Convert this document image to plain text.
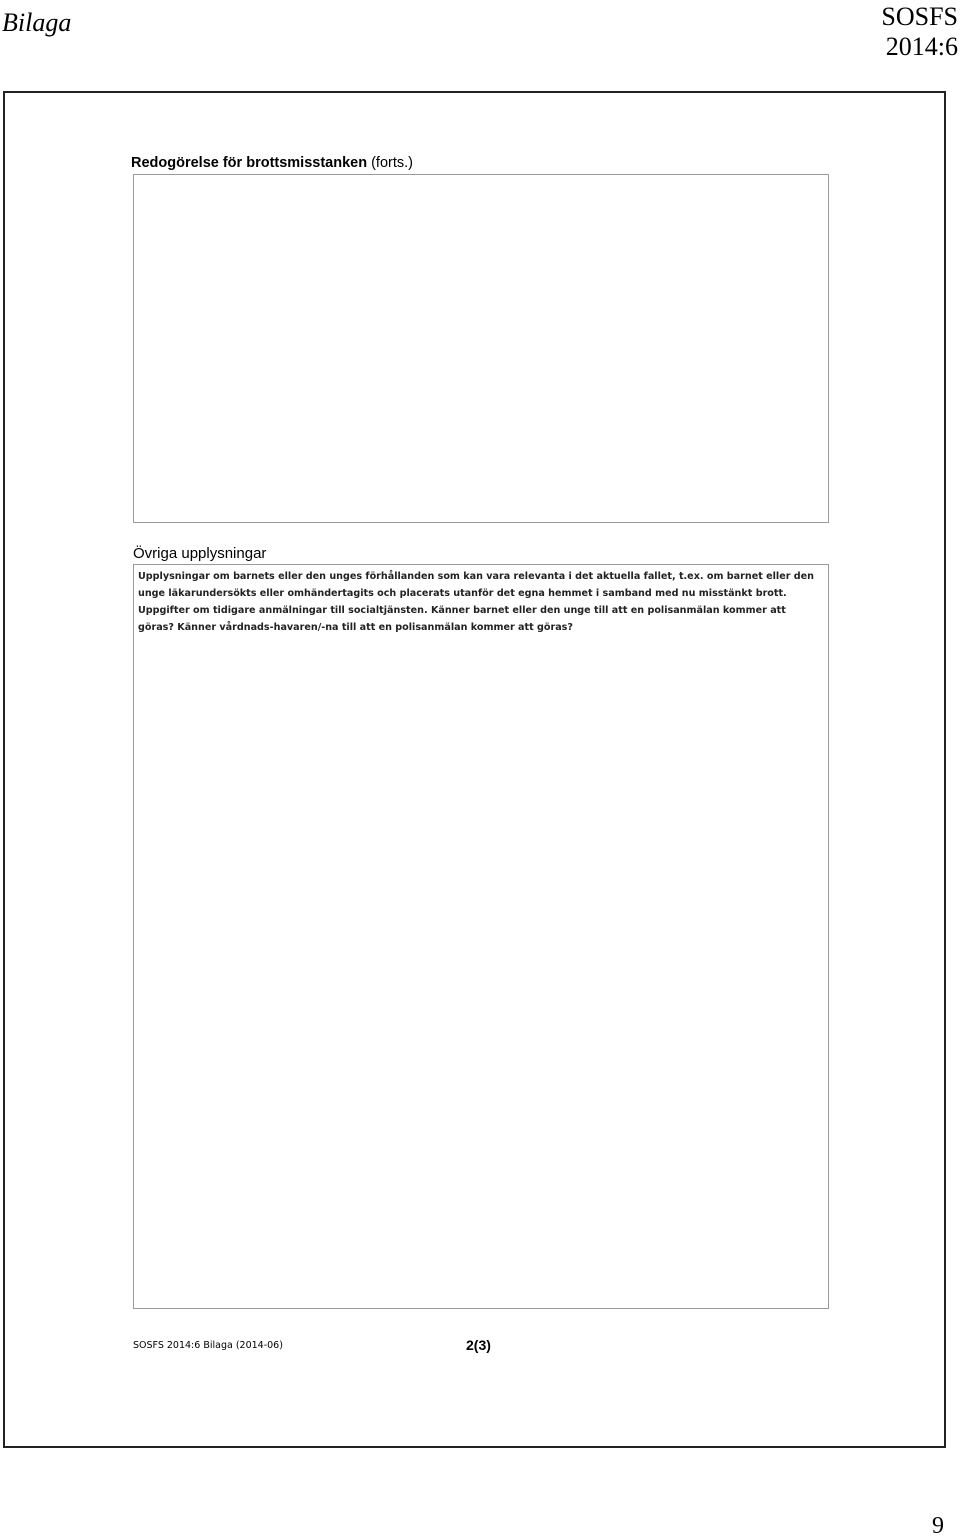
Bilaga	SOSFS
2014:6
Redogörelse för brottsmisstanken (forts.)
Övriga upplysningar
Upplysningar om barnets eller den unges förhållanden som kan vara relevanta i det aktuella fallet, t.ex. om barnet eller den unge läkarundersökts eller omhändertagits och placerats utanför det egna hemmet i samband med nu misstänkt brott. Uppgifter om tidigare anmälningar till socialtjänsten. Känner barnet eller den unge till att en polisanmälan kommer att göras? Känner vårdnads-havaren/-na till att en polisanmälan kommer att göras?
SOSFS 2014:6 Bilaga (2014-06)	2(3)
9
